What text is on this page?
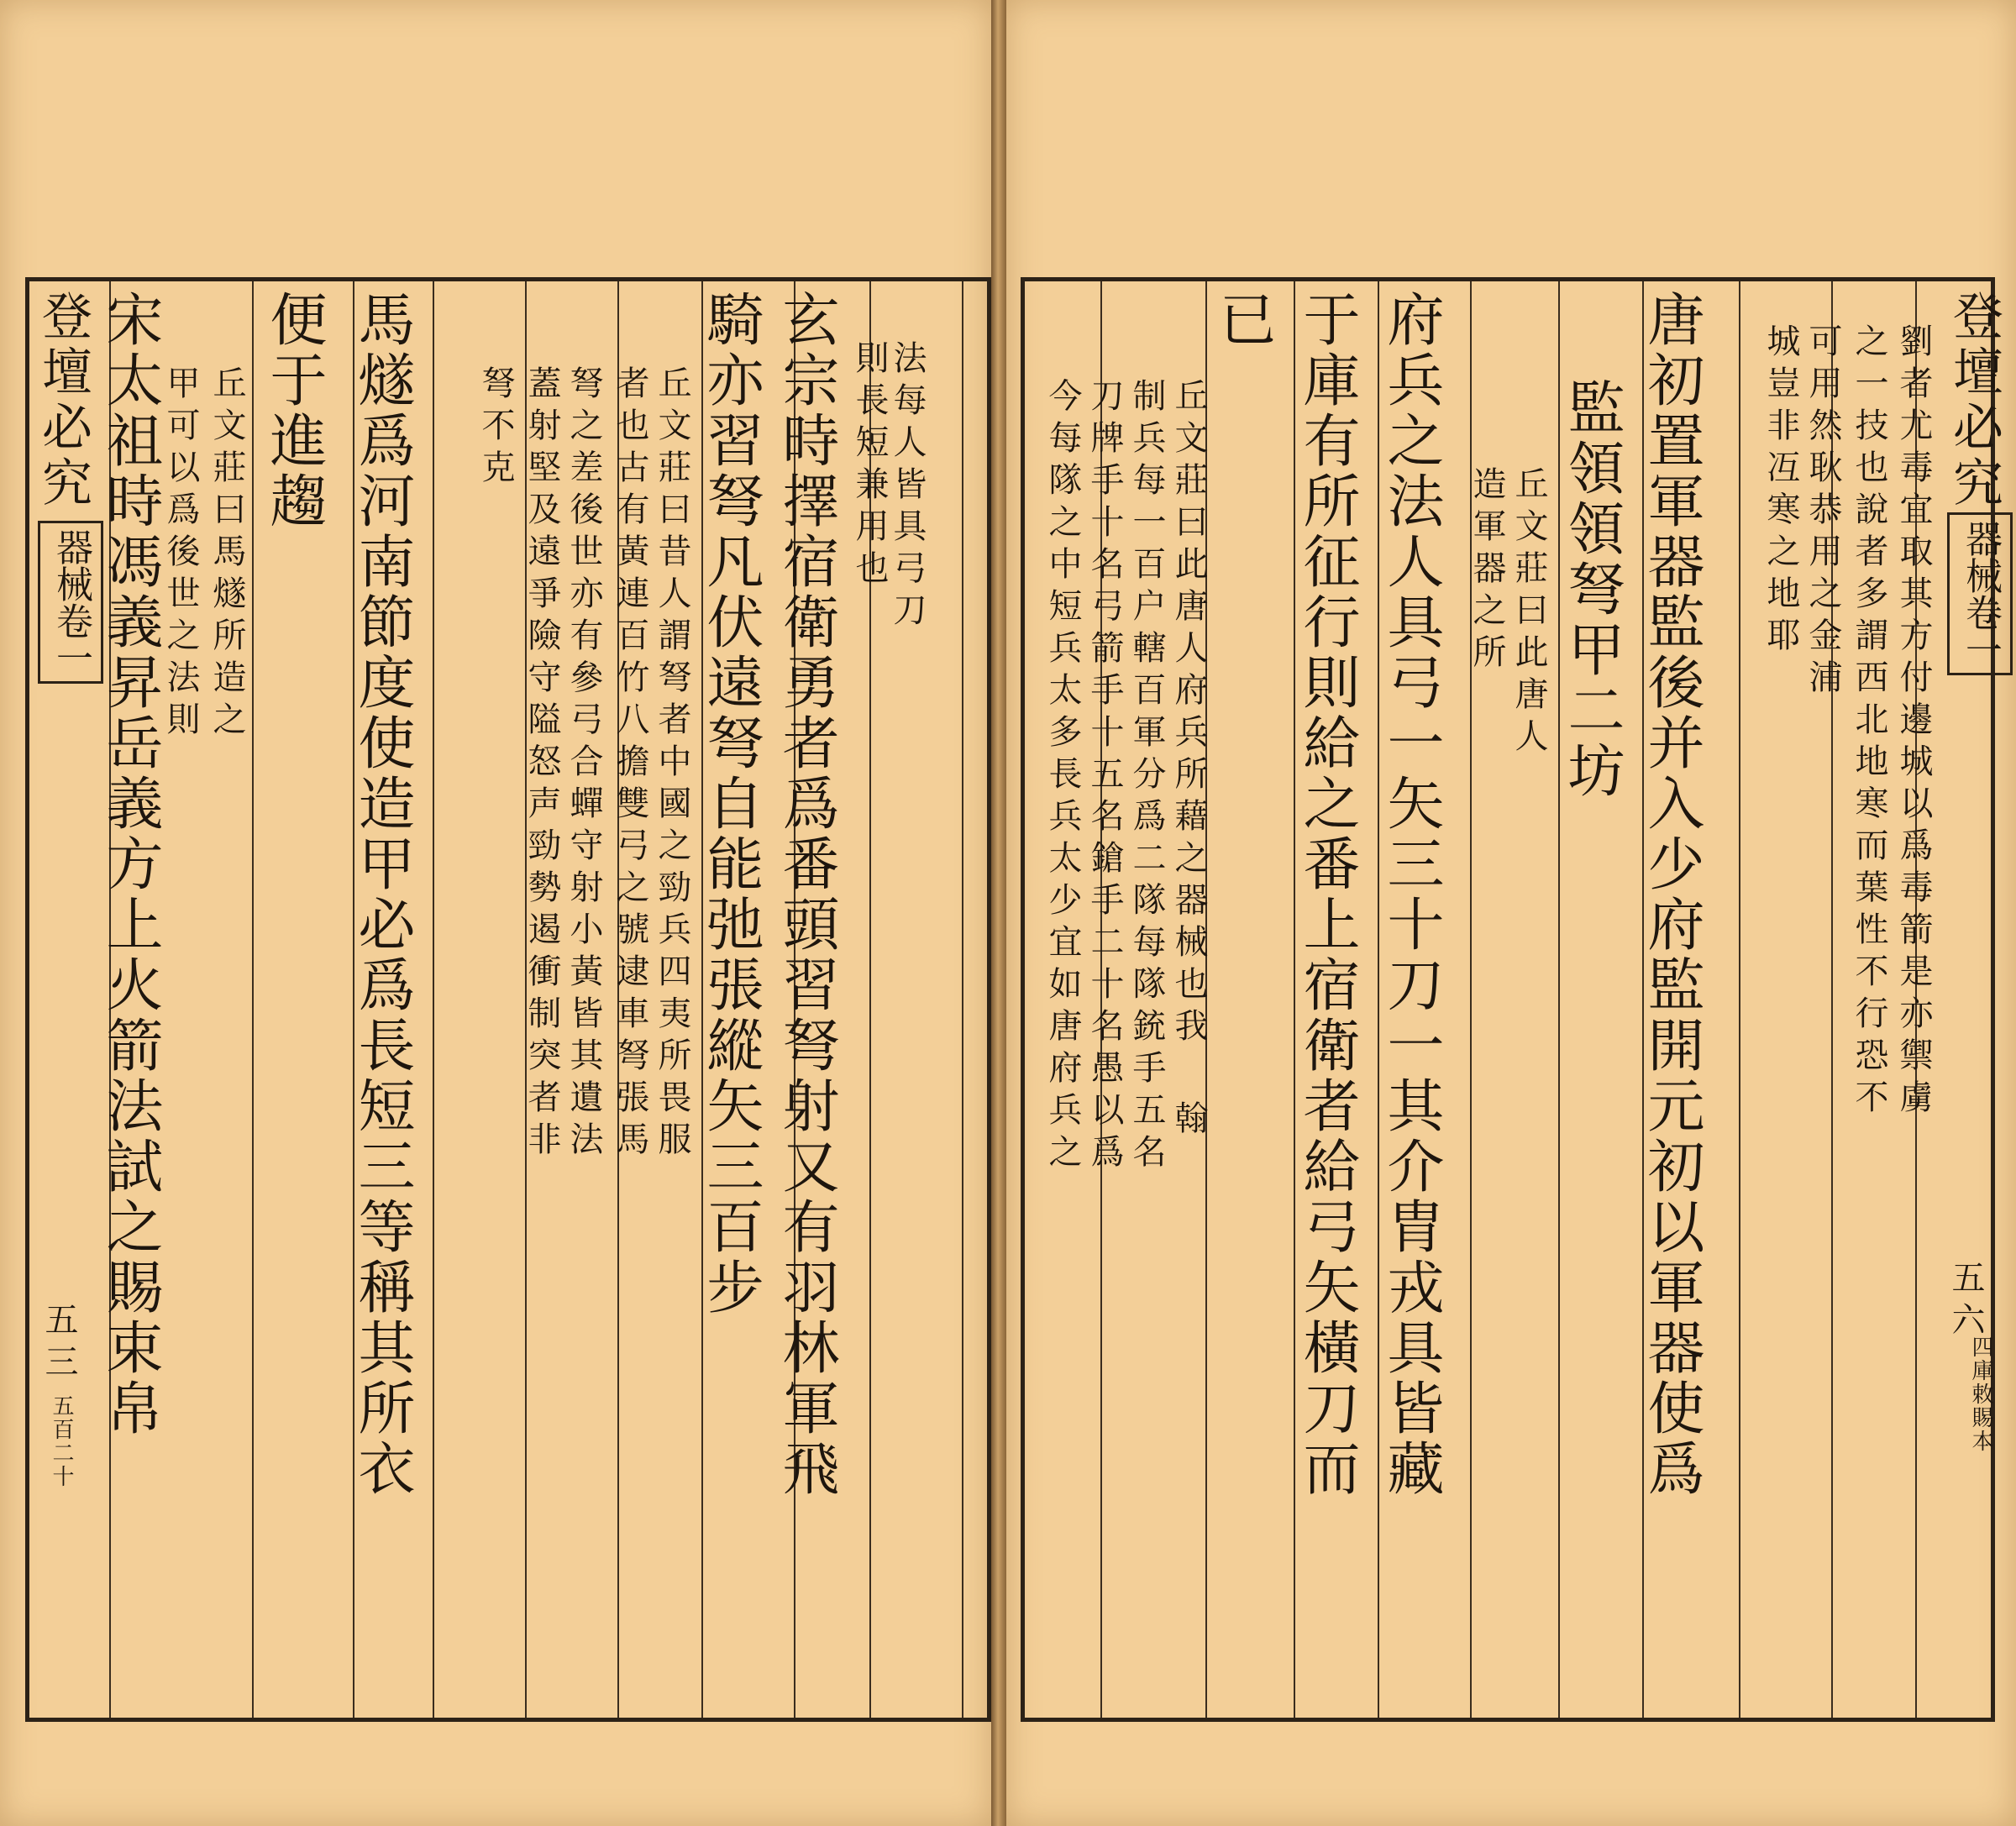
登壇必究
器械卷一
五六
四庫敕賜本
劉者尤毒宜取其方付邊城以爲毒箭是亦禦虜
之一技也說者多謂西北地寒而葉性不行恐不
可用然耿恭用之金浦
城豈非冱寒之地耶
唐初置軍器監後并入少府監開元初以軍器使爲
監領領弩甲二坊
丘文莊曰此唐人
造軍器之所
府兵之法人具弓一矢三十刀一其介胄戎具皆藏
于庫有所征行則給之番上宿衛者給弓矢橫刀而
已
丘文莊曰此唐人府兵所藉之器械也我
制兵每一百户轄百軍分爲二隊每隊銃手五名
刀牌手十名弓箭手十五名鎗手二十名愚以爲
今每隊之中短兵太多長兵太少宜如唐府兵之	翰
登壇必究
器械卷一
五三
五百二十
法每人皆具弓刀
則長短兼用也
玄宗時擇宿衛勇者爲番頭習弩射又有羽林軍飛
騎亦習弩凡伏遠弩自能弛張縱矢三百步
丘文莊曰昔人謂弩者中國之勁兵四夷所畏服
者也古有黃連百竹八擔雙弓之號逮車弩張馬
弩之差後世亦有參弓合蟬守射小黃皆其遺法
蓋射堅及遠爭險守隘怒声勁勢遏衝制突者非
弩不克
馬燧爲河南節度使造甲必爲長短三等稱其所衣
便于進趨
丘文莊曰馬燧所造之
甲可以爲後世之法則
宋太祖時馮義昇岳義方上火箭法試之賜束帛
